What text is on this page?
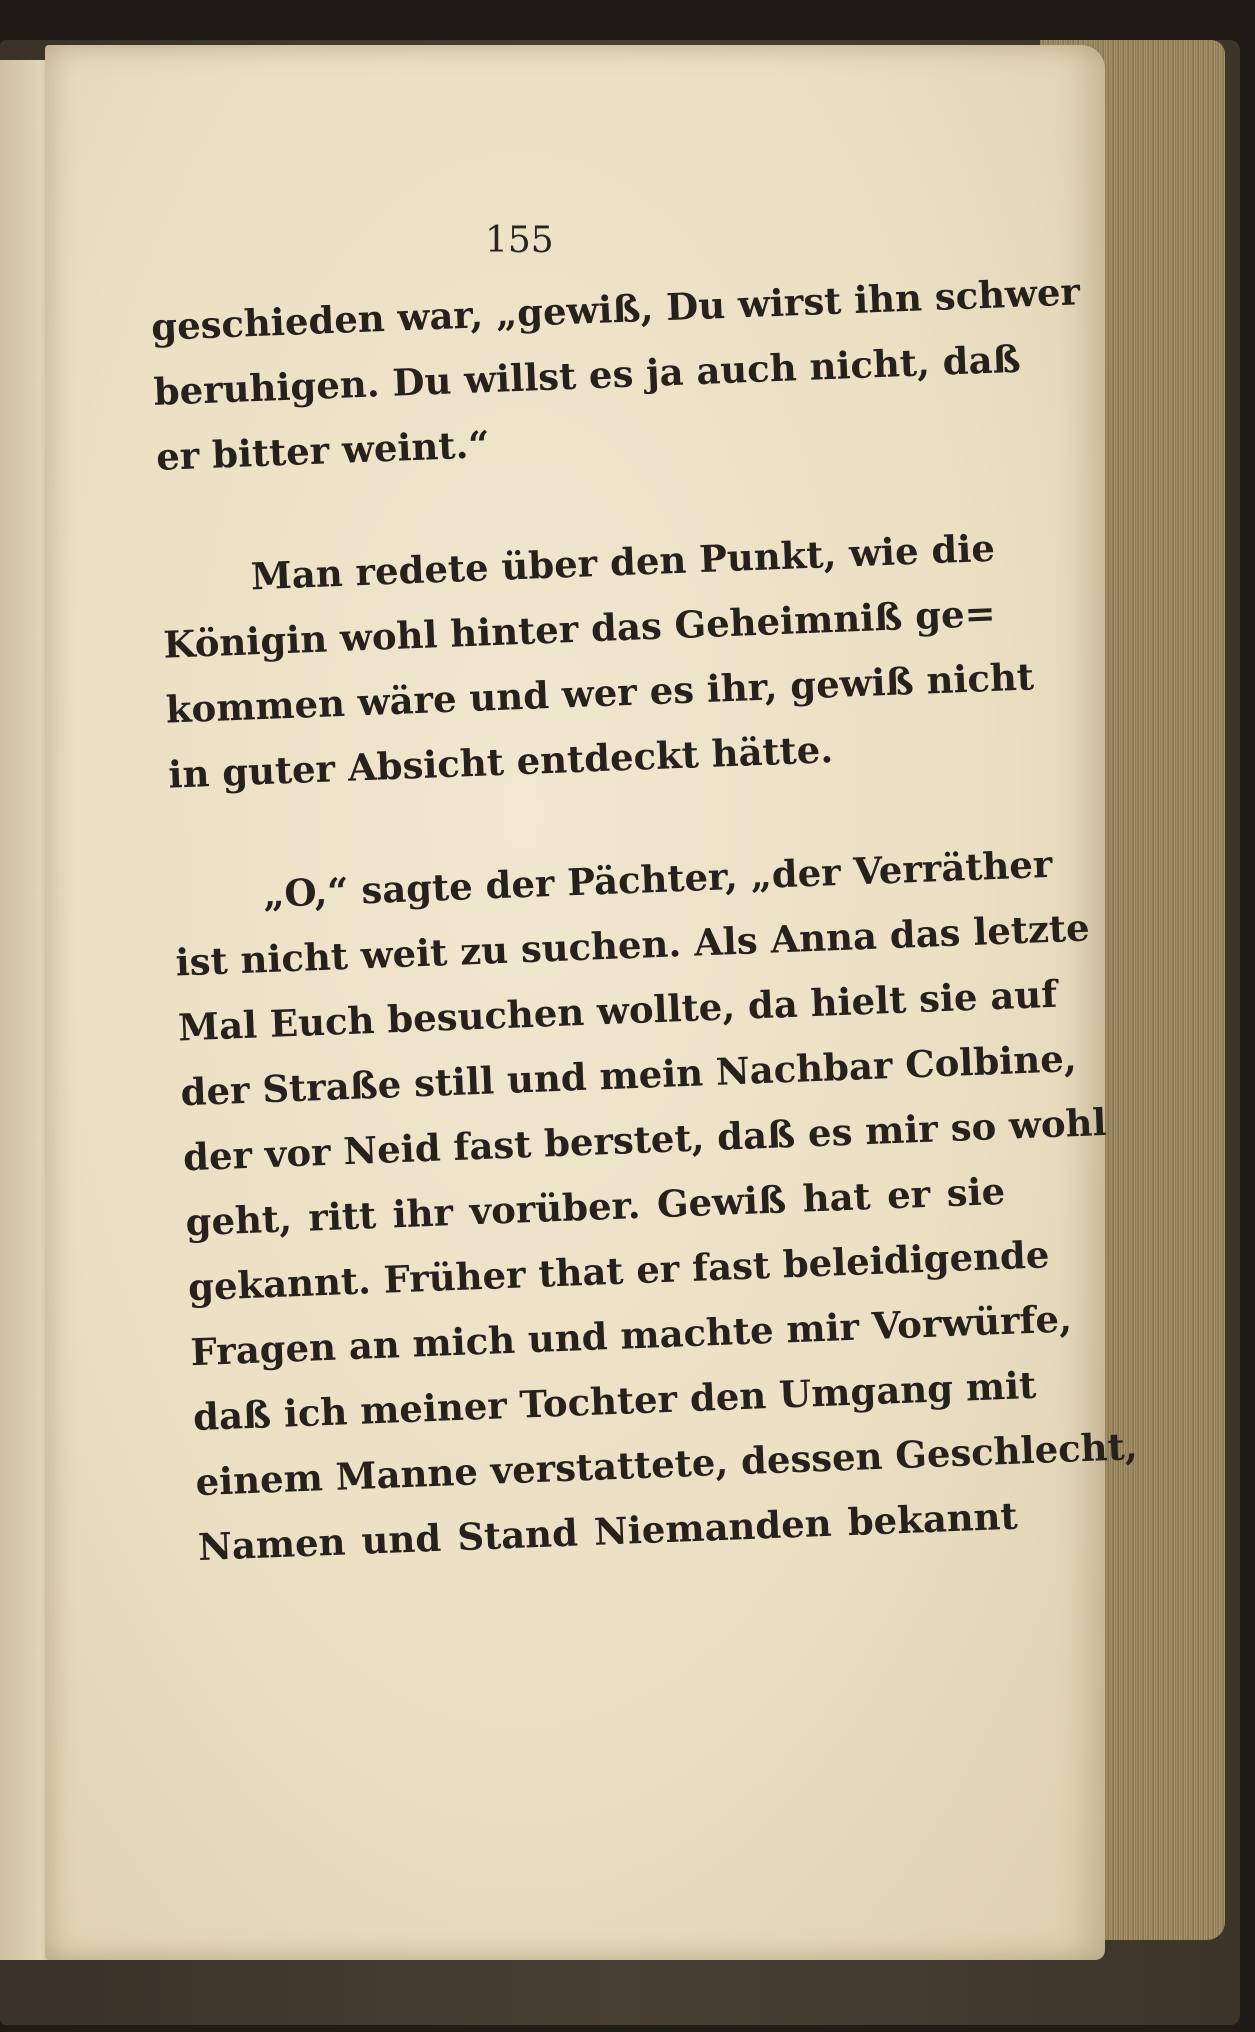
155
geschieden war, „gewiß, Du wirst ihn schwer
beruhigen. Du willst es ja auch nicht, daß
er bitter weint.“
Man redete über den Punkt, wie die
Königin wohl hinter das Geheimniß ge=
kommen wäre und wer es ihr, gewiß nicht
in guter Absicht entdeckt hätte.
„O,“ sagte der Pächter, „der Verräther
ist nicht weit zu suchen. Als Anna das letzte
Mal Euch besuchen wollte, da hielt sie auf
der Straße still und mein Nachbar Colbine,
der vor Neid fast berstet, daß es mir so wohl
geht, ritt ihr vorüber. Gewiß hat er sie
gekannt. Früher that er fast beleidigende
Fragen an mich und machte mir Vorwürfe,
daß ich meiner Tochter den Umgang mit
einem Manne verstattete, dessen Geschlecht,
Namen und Stand Niemanden bekannt
